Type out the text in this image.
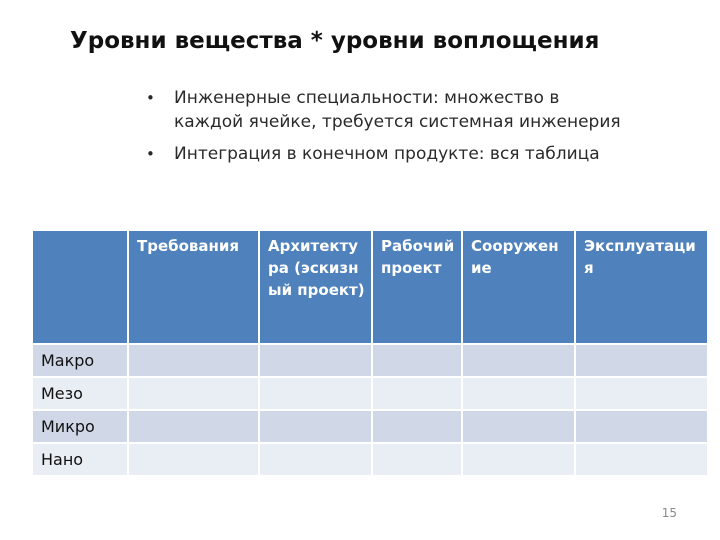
Уровни вещества * уровни воплощения
• Инженерные специальности: множество в каждой ячейке, требуется системная инженерия
• Интеграция в конечном продукте: вся таблица
	Требования	Архитектура (эскизный проект)	Рабочий проект	Сооружение	Эксплуатация
Макро					
Мезо					
Микро					
Нано					
15
